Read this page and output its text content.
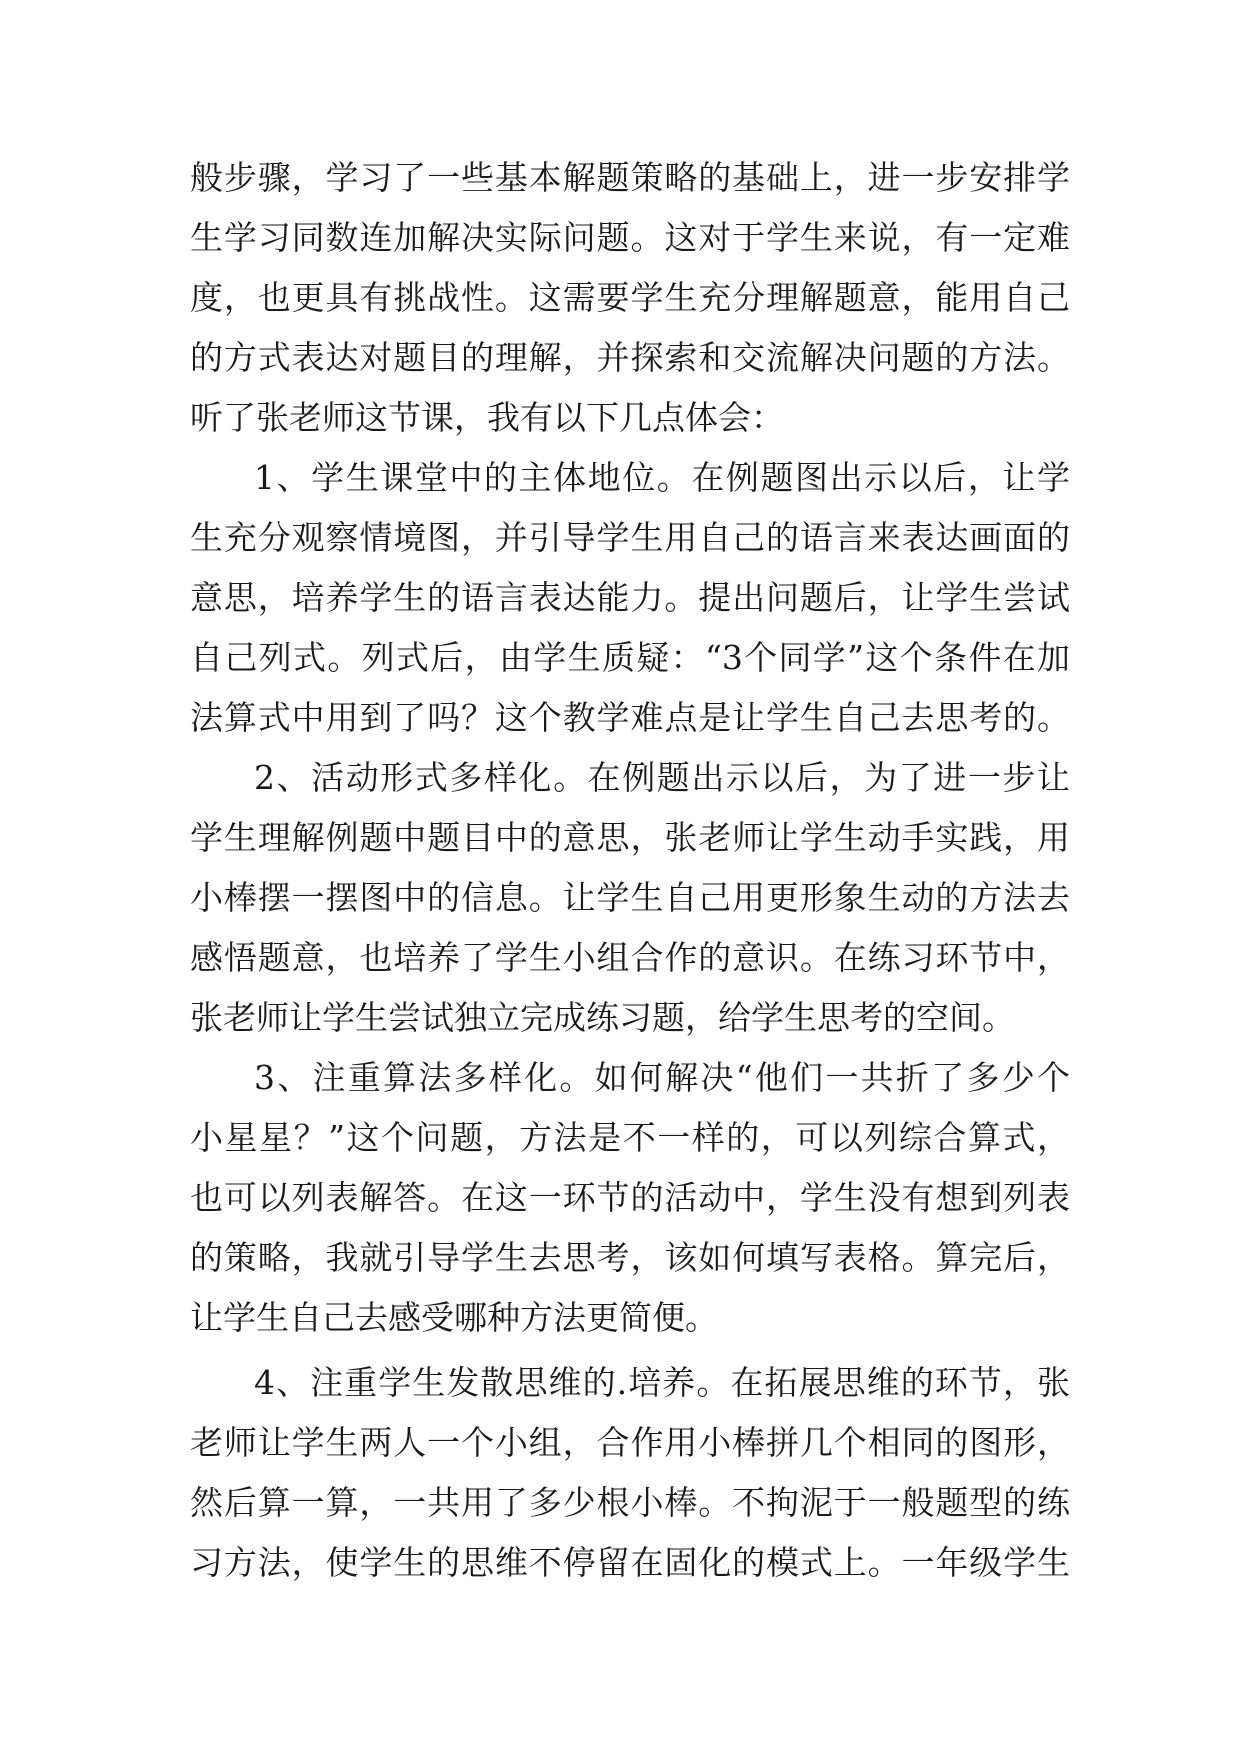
般步骤，学习了一些基本解题策略的基础上，进一步安排学
生学习同数连加解决实际问题。这对于学生来说，有一定难
度，也更具有挑战性。这需要学生充分理解题意，能用自己
的方式表达对题目的理解，并探索和交流解决问题的方法。
听了张老师这节课，我有以下几点体会：
1、学生课堂中的主体地位。在例题图出示以后，让学
生充分观察情境图，并引导学生用自己的语言来表达画面的
意思，培养学生的语言表达能力。提出问题后，让学生尝试
自己列式。列式后，由学生质疑：“3个同学”这个条件在加
法算式中用到了吗？这个教学难点是让学生自己去思考的。
2、活动形式多样化。在例题出示以后，为了进一步让
学生理解例题中题目中的意思，张老师让学生动手实践，用
小棒摆一摆图中的信息。让学生自己用更形象生动的方法去
感悟题意，也培养了学生小组合作的意识。在练习环节中，
张老师让学生尝试独立完成练习题，给学生思考的空间。
3、注重算法多样化。如何解决“他们一共折了多少个
小星星？”这个问题，方法是不一样的，可以列综合算式，
也可以列表解答。在这一环节的活动中，学生没有想到列表
的策略，我就引导学生去思考，该如何填写表格。算完后，
让学生自己去感受哪种方法更简便。
4、注重学生发散思维的.培养。在拓展思维的环节，张
老师让学生两人一个小组，合作用小棒拼几个相同的图形，
然后算一算，一共用了多少根小棒。不拘泥于一般题型的练
习方法，使学生的思维不停留在固化的模式上。一年级学生
